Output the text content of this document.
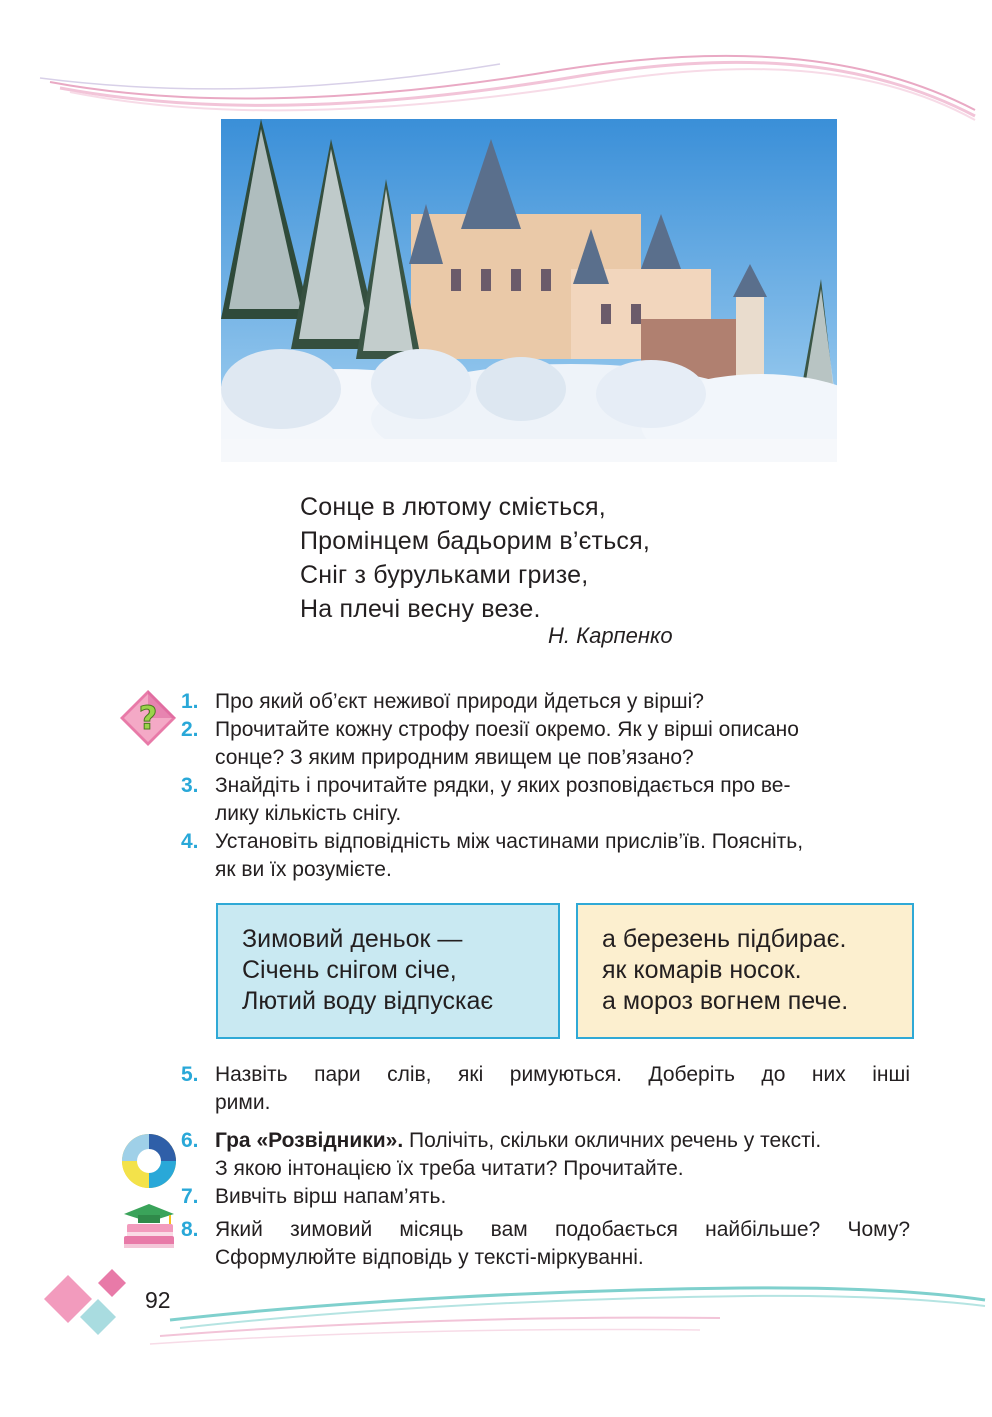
Сонце в лютому сміється,
Промінцем бадьорим в’ється,
Сніг з бурульками гризе,
На плечі весну везе.
Н. Карпенко
? 1. Про який об’єкт неживої природи йдеться у вірші?
2. Прочитайте кожну строфу поезії окремо. Як у вірші описано
сонце? З яким природним явищем це пов’язано?
3. Знайдіть і прочитайте рядки, у яких розповідається про ве-
лику кількість снігу.
4. Установіть відповідність між частинами прислів’їв. Поясніть,
як ви їх розумієте.
Зимовий деньок —
Січень снігом січе,
Лютий воду відпускає
а березень підбирає.
як комарів носок.
а мороз вогнем пече.
5. Назвіть пари слів, які римуються. Доберіть до них інші
рими.
6. Гра «Розвідники». Полічіть, скільки окличних речень у тексті.
З якою інтонацією їх треба читати? Прочитайте.
7. Вивчіть вірш напам’ять.
8. Який зимовий місяць вам подобається найбільше? Чому?
Сформулюйте відповідь у тексті-міркуванні.
92
